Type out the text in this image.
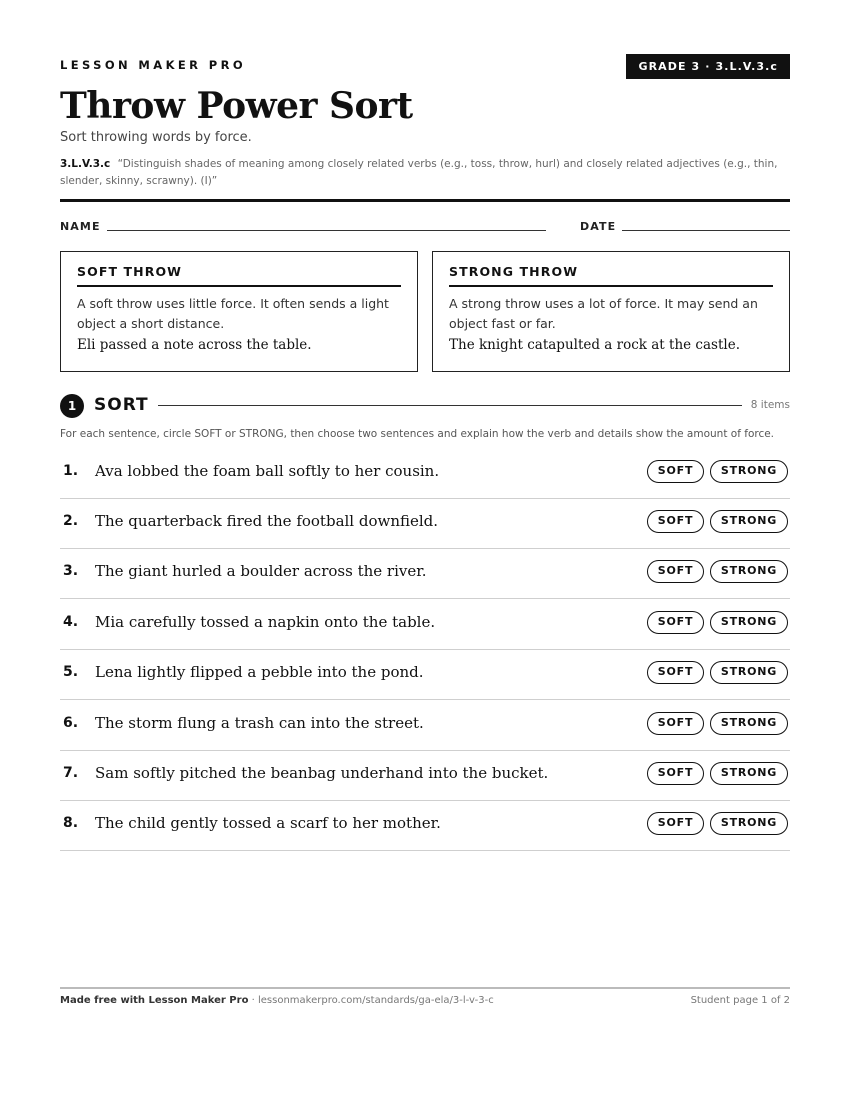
LESSON MAKER PRO	GRADE 3 · 3.L.V.3.c
Throw Power Sort
Sort throwing words by force.
3.L.V.3.c “Distinguish shades of meaning among closely related verbs (e.g., toss, throw, hurl) and closely related adjectives (e.g., thin, slender, skinny, scrawny). (I)”
NAME	DATE
SOFT THROW
A soft throw uses little force. It often sends a light object a short distance.
Eli passed a note across the table.
STRONG THROW
A strong throw uses a lot of force. It may send an object fast or far.
The knight catapulted a rock at the castle.
1	SORT	8 items
For each sentence, circle SOFT or STRONG, then choose two sentences and explain how the verb and details show the amount of force.
1. Ava lobbed the foam ball softly to her cousin.	SOFT	STRONG
2. The quarterback fired the football downfield.	SOFT	STRONG
3. The giant hurled a boulder across the river.	SOFT	STRONG
4. Mia carefully tossed a napkin onto the table.	SOFT	STRONG
5. Lena lightly flipped a pebble into the pond.	SOFT	STRONG
6. The storm flung a trash can into the street.	SOFT	STRONG
7. Sam softly pitched the beanbag underhand into the bucket.	SOFT	STRONG
8. The child gently tossed a scarf to her mother.	SOFT	STRONG
Made free with Lesson Maker Pro · lessonmakerpro.com/standards/ga-ela/3-l-v-3-c	Student page 1 of 2
